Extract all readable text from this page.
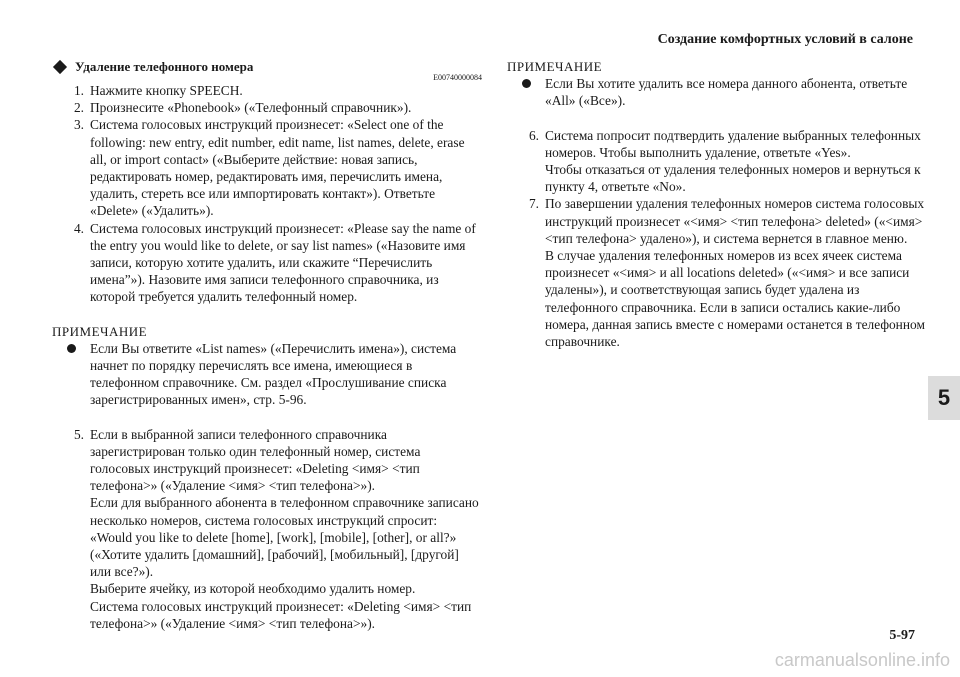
Создание комфортных условий в салоне
Удаление телефонного номера
E00740000084
1. Нажмите кнопку SPEECH.
2. Произнесите «Phonebook» («Телефонный справочник»).
3. Система голосовых инструкций произнесет: «Select one of the following: new entry, edit number, edit name, list names, delete, erase all, or import contact» («Выберите действие: новая запись, редактировать номер, редактировать имя, перечислить имена, удалить, стереть все или импортировать контакт»). Ответьте «Delete» («Удалить»).
4. Система голосовых инструкций произнесет: «Please say the name of the entry you would like to delete, or say list names» («Назовите имя записи, которую хотите удалить, или скажите “Перечислить имена”»). Назовите имя записи телефонного справочника, из которой требуется удалить телефонный номер.
ПРИМЕЧАНИЕ
Если Вы ответите «List names» («Перечислить имена»), система начнет по порядку перечислять все имена, имеющиеся в телефонном справочнике. См. раздел «Прослушивание списка зарегистрированных имен», стр. 5-96.
5. Если в выбранной записи телефонного справочника зарегистрирован только один телефонный номер, система голосовых инструкций произнесет: «Deleting <имя> <тип телефона>» («Удаление <имя> <тип телефона>»).
Если для выбранного абонента в телефонном справочнике записано несколько номеров, система голосовых инструкций спросит: «Would you like to delete [home], [work], [mobile], [other], or all?» («Хотите удалить [домашний], [рабочий], [мобильный], [другой] или все?»).
Выберите ячейку, из которой необходимо удалить номер.
Система голосовых инструкций произнесет: «Deleting <имя> <тип телефона>» («Удаление <имя> <тип телефона>»).
ПРИМЕЧАНИЕ
Если Вы хотите удалить все номера данного абонента, ответьте «All» («Все»).
6. Система попросит подтвердить удаление выбранных телефонных номеров. Чтобы выполнить удаление, ответьте «Yes».
Чтобы отказаться от удаления телефонных номеров и вернуться к пункту 4, ответьте «No».
7. По завершении удаления телефонных номеров система голосовых инструкций произнесет «<имя> <тип телефона> deleted» («<имя> <тип телефона> удалено»), и система вернется в главное меню.
В случае удаления телефонных номеров из всех ячеек система произнесет «<имя> и all locations deleted» («<имя> и все записи удалены»), и соответствующая запись будет удалена из телефонного справочника. Если в записи остались какие-либо номера, данная запись вместе с номерами останется в телефонном справочнике.
5
5-97
carmanualsonline.info
